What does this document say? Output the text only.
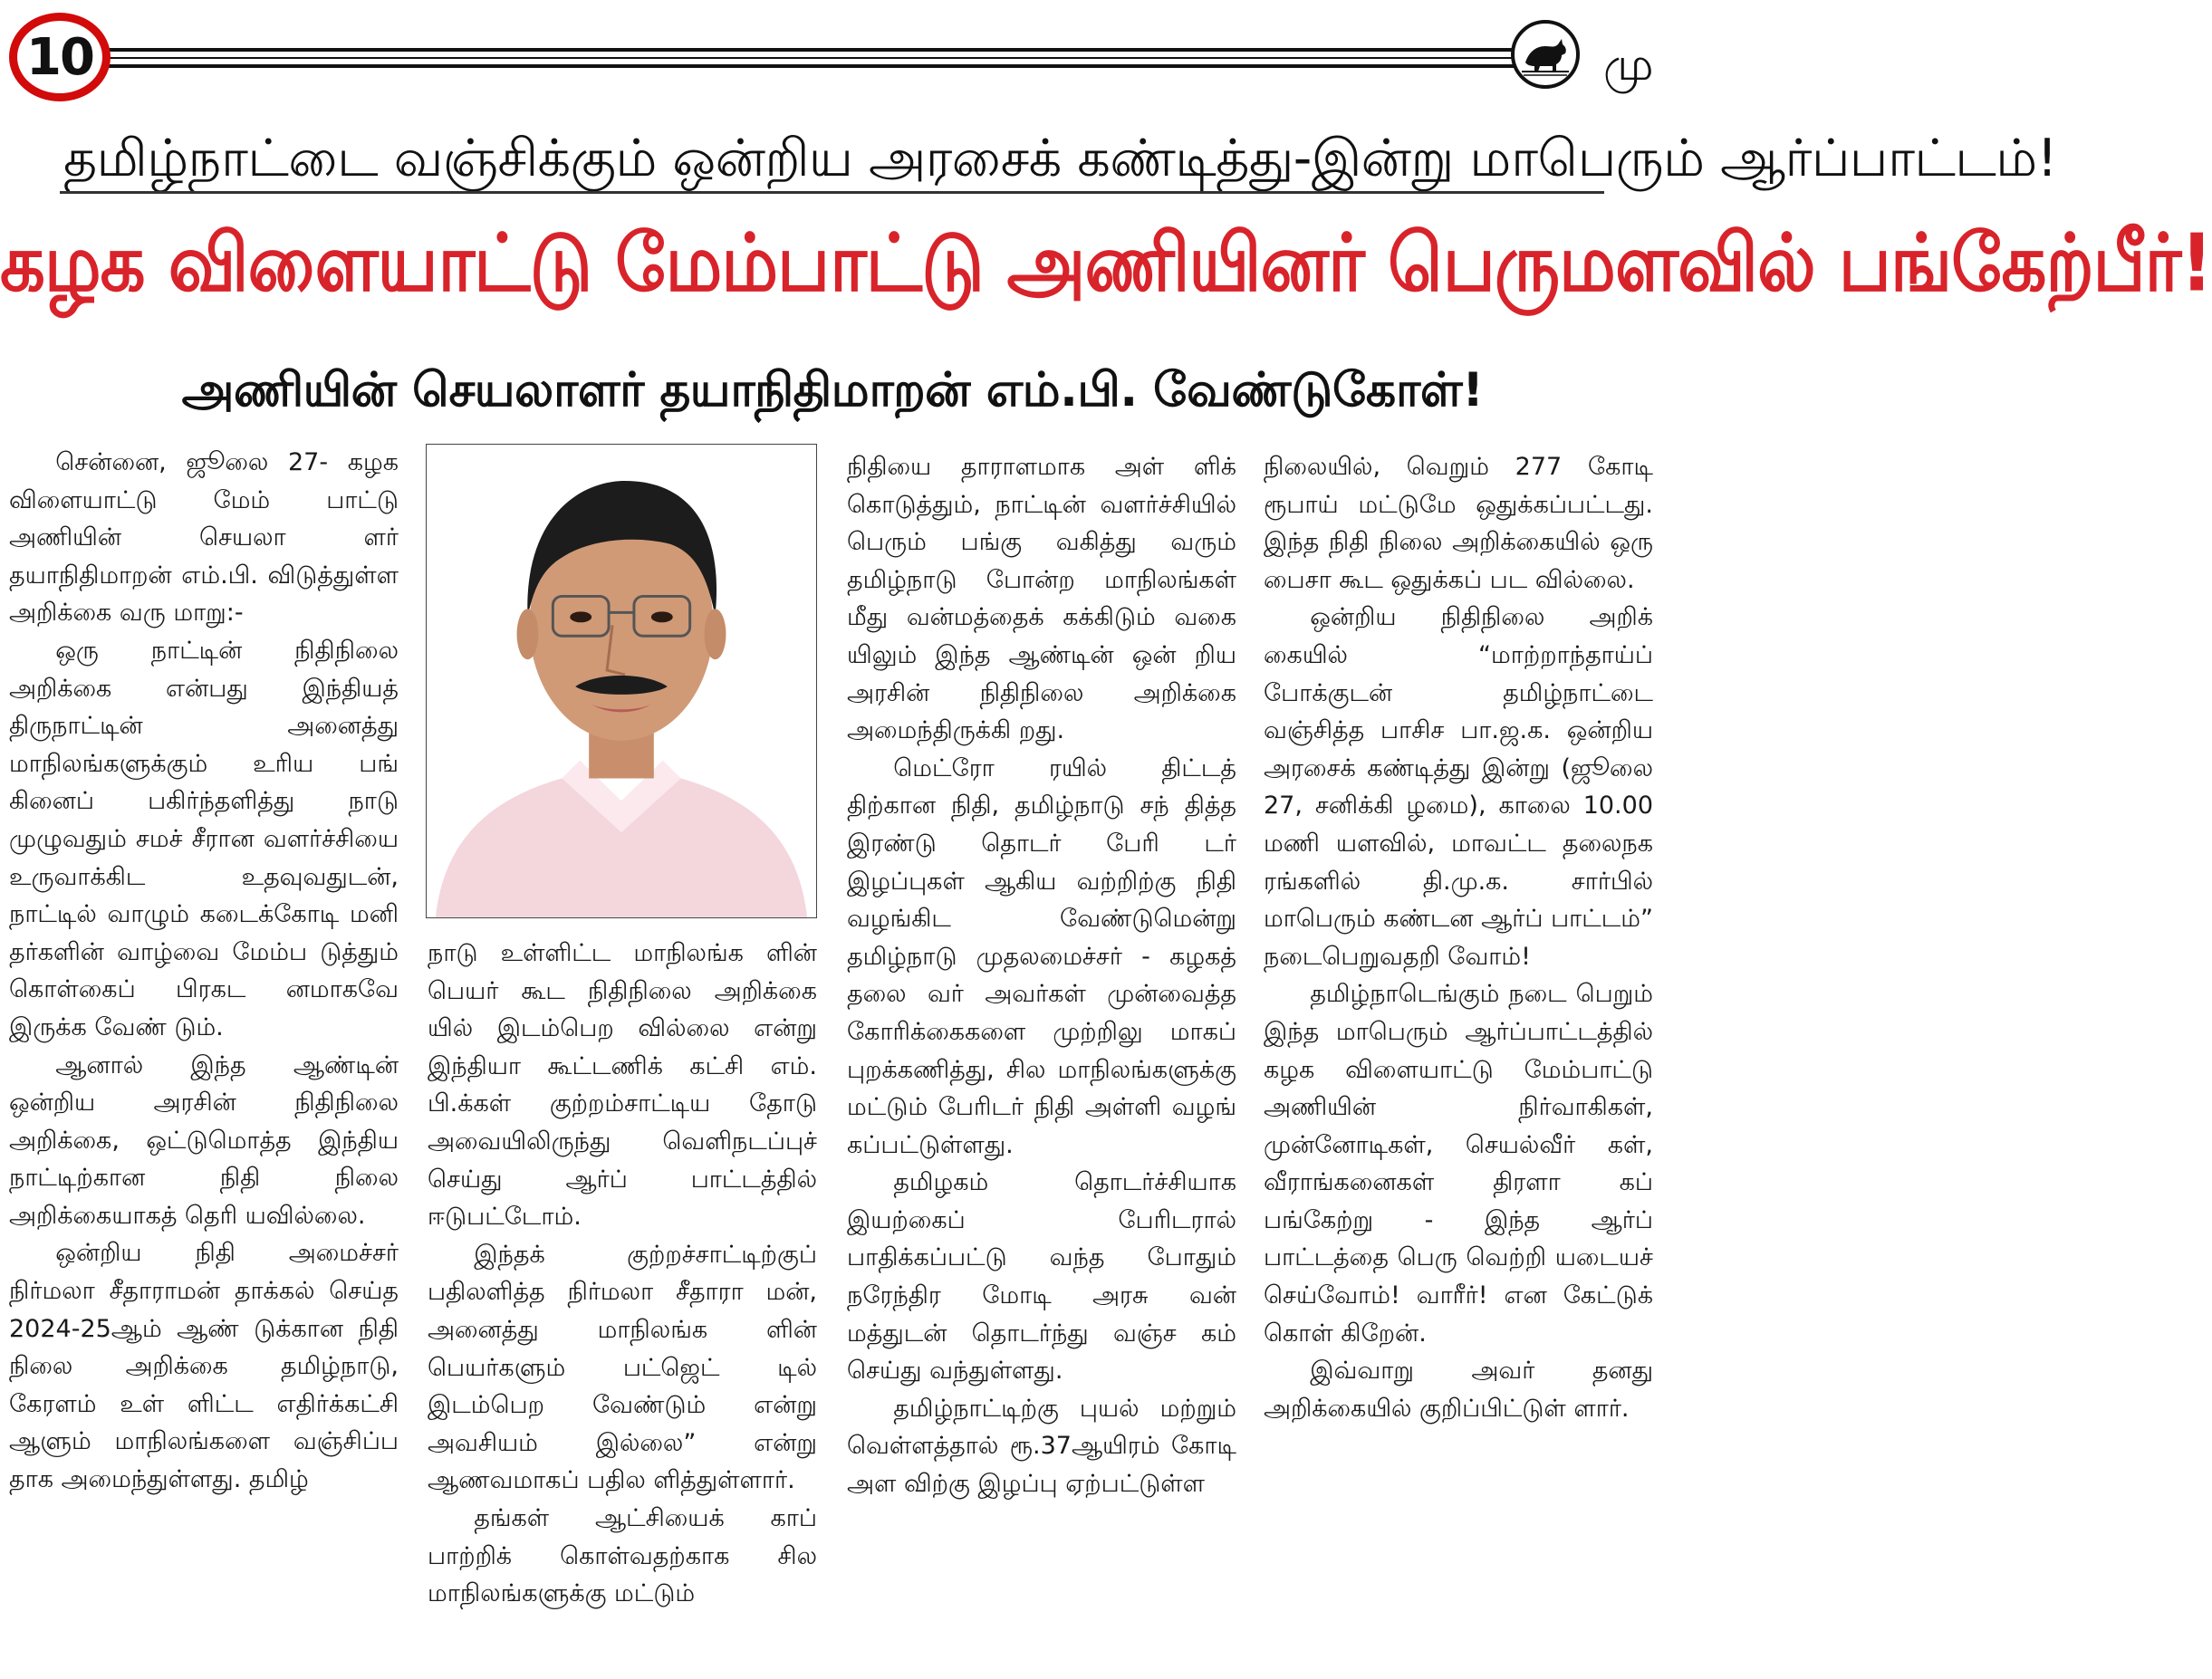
10	மு
தமிழ்நாட்டை வஞ்சிக்கும் ஒன்றிய அரசைக் கண்டித்து-இன்று மாபெரும் ஆர்ப்பாட்டம்!
கழக விளையாட்டு மேம்பாட்டு அணியினர் பெருமளவில் பங்கேற்பீர்!
அணியின் செயலாளர் தயாநிதிமாறன் எம்.பி. வேண்டுகோள்!

சென்னை, ஜூலை 27- கழக விளையாட்டு மேம் பாட்டு அணியின் செயலா ளர் தயாநிதிமாறன் எம்.பி. விடுத்துள்ள அறிக்கை வரு மாறு:-

ஒரு நாட்டின் நிதிநிலை அறிக்கை என்பது இந்தியத் திருநாட்டின் அனைத்து மாநிலங்களுக்கும் உரிய பங் கினைப் பகிர்ந்தளித்து நாடு முழுவதும் சமச் சீரான வளர்ச்சியை உருவாக்கிட உதவுவதுடன், நாட்டில் வாழும் கடைக்கோடி மனி தர்களின் வாழ்வை மேம்ப டுத்தும் கொள்கைப் பிரகட னமாகவே இருக்க வேண் டும்.

ஆனால் இந்த ஆண்டின் ஒன்றிய அரசின் நிதிநிலை அறிக்கை, ஒட்டுமொத்த இந்திய நாட்டிற்கான நிதி நிலை அறிக்கையாகத் தெரி யவில்லை.

ஒன்றிய நிதி அமைச்சர் நிர்மலா சீதாராமன் தாக்கல் செய்த 2024-25ஆம் ஆண் டுக்கான நிதி நிலை அறிக்கை தமிழ்நாடு, கேரளம் உள் ளிட்ட எதிர்க்கட்சி ஆளும் மாநிலங்களை வஞ்சிப்ப தாக அமைந்துள்ளது. தமிழ்

நாடு உள்ளிட்ட மாநிலங்க ளின் பெயர் கூட நிதிநிலை அறிக்கை யில் இடம்பெற வில்லை என்று இந்தியா கூட்டணிக் கட்சி எம். பி.க்கள் குற்றம்சாட்டிய தோடு அவையிலிருந்து வெளிநடப்புச் செய்து ஆர்ப் பாட்டத்தில் ஈடுபட்டோம்.

இந்தக் குற்றச்சாட்டிற்குப் பதிலளித்த நிர்மலா சீதாரா மன், அனைத்து மாநிலங்க ளின் பெயர்களும் பட்ஜெட் டில் இடம்பெற வேண்டும் என்று அவசியம் இல்லை” என்று ஆணவமாகப் பதில ளித்துள்ளார்.

தங்கள் ஆட்சியைக் காப் பாற்றிக் கொள்வதற்காக சில மாநிலங்களுக்கு மட்டும்

நிதியை தாராளமாக அள் ளிக் கொடுத்தும், நாட்டின் வளர்ச்சியில் பெரும் பங்கு வகித்து வரும் தமிழ்நாடு போன்ற மாநிலங்கள் மீது வன்மத்தைக் கக்கிடும் வகை யிலும் இந்த ஆண்டின் ஒன் றிய அரசின் நிதிநிலை அறிக்கை அமைந்திருக்கி றது.

மெட்ரோ ரயில் திட்டத் திற்கான நிதி, தமிழ்நாடு சந் தித்த இரண்டு தொடர் பேரி டர் இழப்புகள் ஆகிய வற்றிற்கு நிதி வழங்கிட வேண்டுமென்று தமிழ்நாடு முதலமைச்சர் - கழகத் தலை வர் அவர்கள் முன்வைத்த கோரிக்கைகளை முற்றிலு மாகப் புறக்கணித்து, சில மாநிலங்களுக்கு மட்டும் பேரிடர் நிதி அள்ளி வழங் கப்பட்டுள்ளது.

தமிழகம் தொடர்ச்சியாக இயற்கைப் பேரிடரால் பாதிக்கப்பட்டு வந்த போதும் நரேந்திர மோடி அரசு வன் மத்துடன் தொடர்ந்து வஞ்ச கம் செய்து வந்துள்ளது.

தமிழ்நாட்டிற்கு புயல் மற்றும் வெள்ளத்தால் ரூ.37ஆயிரம் கோடி அள விற்கு இழப்பு ஏற்பட்டுள்ள

நிலையில், வெறும் 277 கோடி ரூபாய் மட்டுமே ஒதுக்கப்பட்டது. இந்த நிதி நிலை அறிக்கையில் ஒரு பைசா கூட ஒதுக்கப் பட வில்லை.

ஒன்றிய நிதிநிலை அறிக் கையில் “மாற்றாந்தாய்ப் போக்குடன் தமிழ்நாட்டை வஞ்சித்த பாசிச பா.ஜ.க. ஒன்றிய அரசைக் கண்டித்து இன்று (ஜூலை 27, சனிக்கி ழமை), காலை 10.00 மணி யளவில், மாவட்ட தலைநக ரங்களில் தி.மு.க. சார்பில் மாபெரும் கண்டன ஆர்ப் பாட்டம்” நடைபெறுவதறி வோம்!

தமிழ்நாடெங்கும் நடை பெறும் இந்த மாபெரும் ஆர்ப்பாட்டத்தில் கழக விளையாட்டு மேம்பாட்டு அணியின் நிர்வாகிகள், முன்னோடிகள், செயல்வீர் கள், வீராங்கனைகள் திரளா கப் பங்கேற்று - இந்த ஆர்ப் பாட்டத்தை பெரு வெற்றி யடையச் செய்வோம்! வாரீர்! என கேட்டுக் கொள் கிறேன்.

இவ்வாறு அவர் தனது அறிக்கையில் குறிப்பிட்டுள் ளார்.
